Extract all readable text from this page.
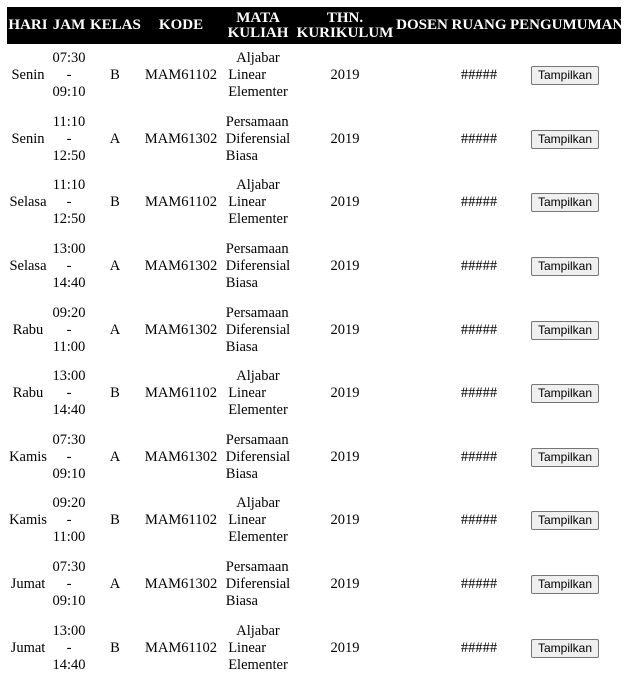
HARI	JAM	KELAS	KODE	MATA KULIAH	THN. KURIKULUM	DOSEN	RUANG	PENGUMUMAN
Senin	07:30
-
09:10	B	MAM61102	Aljabar
Linear
Elementer	2019		#####	Tampilkan
Senin	11:10
-
12:50	A	MAM61302	Persamaan
Diferensial
Biasa	2019		#####	Tampilkan
Selasa	11:10
-
12:50	B	MAM61102	Aljabar
Linear
Elementer	2019		#####	Tampilkan
Selasa	13:00
-
14:40	A	MAM61302	Persamaan
Diferensial
Biasa	2019		#####	Tampilkan
Rabu	09:20
-
11:00	A	MAM61302	Persamaan
Diferensial
Biasa	2019		#####	Tampilkan
Rabu	13:00
-
14:40	B	MAM61102	Aljabar
Linear
Elementer	2019		#####	Tampilkan
Kamis	07:30
-
09:10	A	MAM61302	Persamaan
Diferensial
Biasa	2019		#####	Tampilkan
Kamis	09:20
-
11:00	B	MAM61102	Aljabar
Linear
Elementer	2019		#####	Tampilkan
Jumat	07:30
-
09:10	A	MAM61302	Persamaan
Diferensial
Biasa	2019		#####	Tampilkan
Jumat	13:00
-
14:40	B	MAM61102	Aljabar
Linear
Elementer	2019		#####	Tampilkan
